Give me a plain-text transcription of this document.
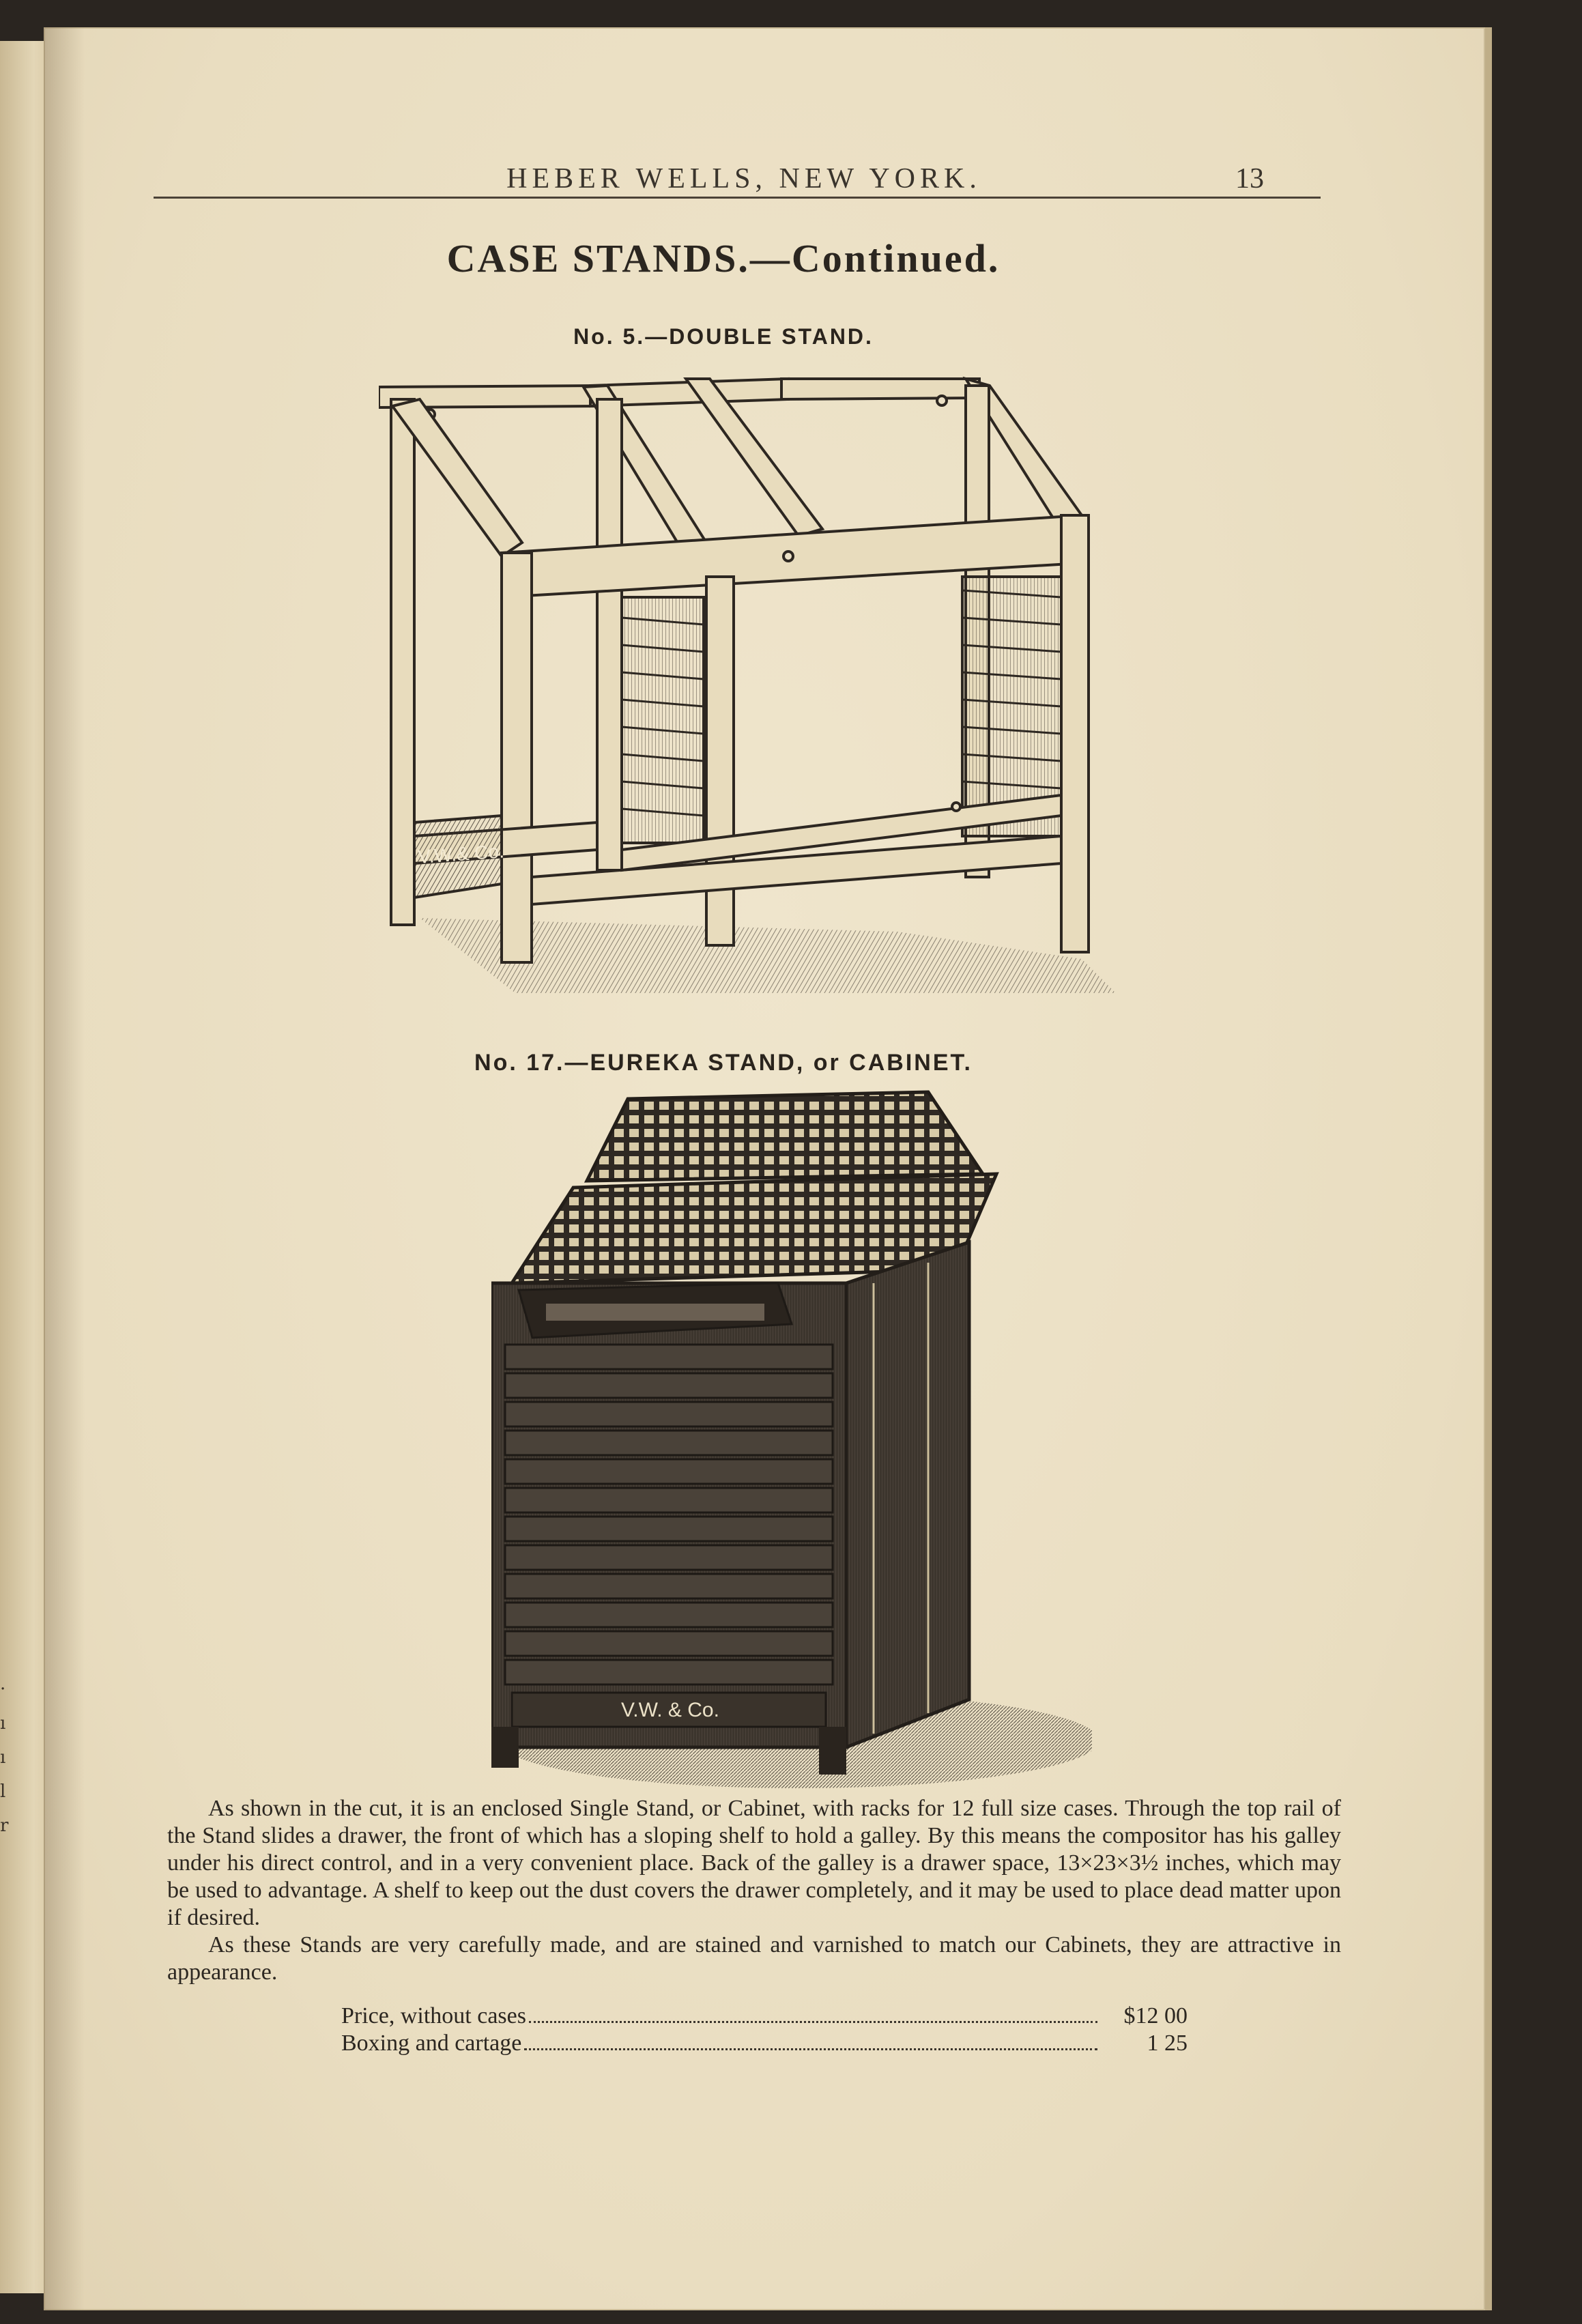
·
ı
ı
l
r
HEBER WELLS, NEW YORK.	13
CASE STANDS.—Continued.
No. 5.—DOUBLE STAND.
V.W.& Co.
No. 17.—EUREKA STAND, or CABINET.
V.W. & Co.

As shown in the cut, it is an enclosed Single Stand, or Cabinet, with racks for 12 full size cases. Through the top rail of the Stand slides a drawer, the front of which has a sloping shelf to hold a galley. By this means the compositor has his galley under his direct control, and in a very convenient place. Back of the galley is a drawer space, 13×23×3½ inches, which may be used to advantage. A shelf to keep out the dust covers the drawer completely, and it may be used to place dead matter upon if desired.

As these Stands are very carefully made, and are stained and varnished to match our Cabinets, they are attractive in appearance.

Price, without cases	$12 00
Boxing and cartage	1 25
